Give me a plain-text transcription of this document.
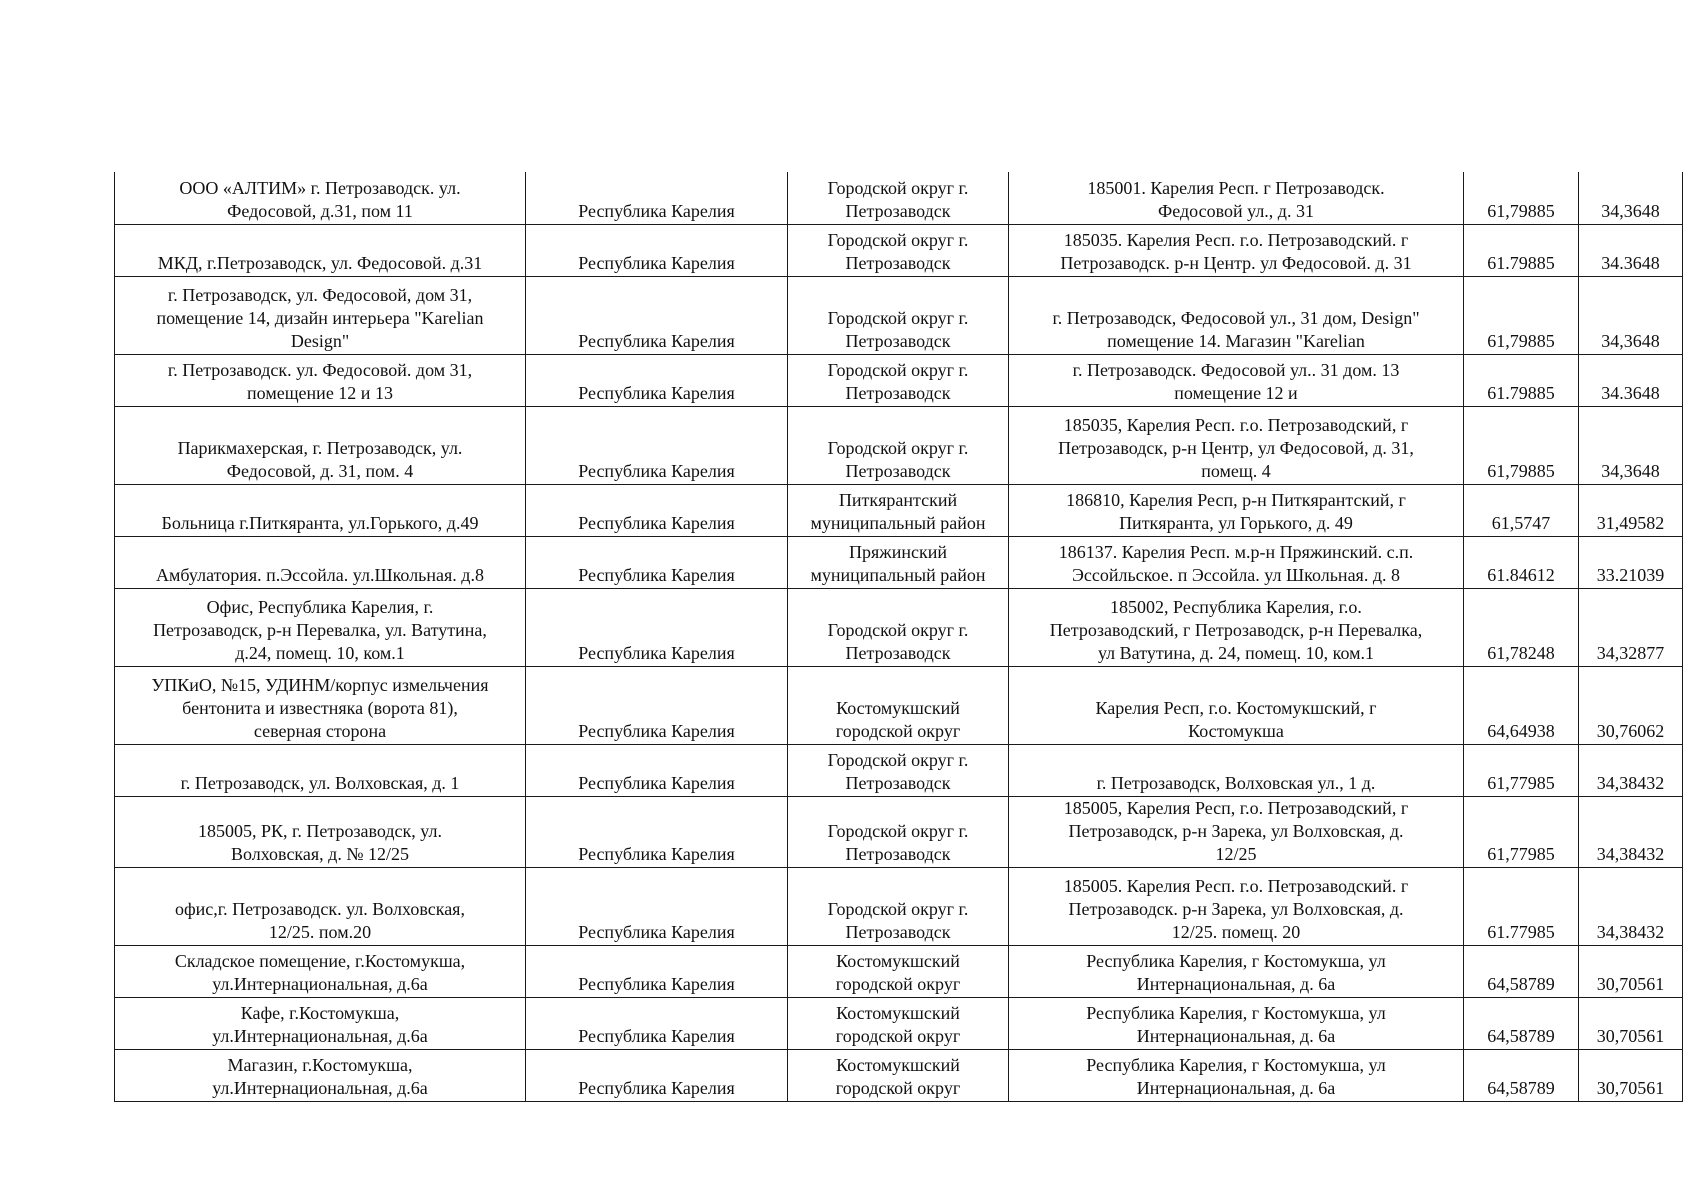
ООО «АЛТИМ» г. Петрозаводск. ул.
Федосовой, д.31, пом 11	Республика Карелия	Городской округ г.
Петрозаводск	185001. Карелия Респ. г Петрозаводск.
Федосовой ул., д. 31	61,79885	34,3648
МКД, г.Петрозаводск, ул. Федосовой. д.31	Республика Карелия	Городской округ г.
Петрозаводск	185035. Карелия Респ. г.о. Петрозаводский. г
Петрозаводск. р-н Центр. ул Федосовой. д. 31	61.79885	34.3648
г. Петрозаводск, ул. Федосовой, дом 31,
помещение 14, дизайн интерьера "Karelian
Design"	Республика Карелия	Городской округ г.
Петрозаводск	г. Петрозаводск, Федосовой ул., 31 дом, Design"
помещение 14. Магазин "Karelian	61,79885	34,3648
г. Петрозаводск. ул. Федосовой. дом 31,
помещение 12 и 13	Республика Карелия	Городской округ г.
Петрозаводск	г. Петрозаводск. Федосовой ул.. 31 дом. 13
помещение 12 и	61.79885	34.3648
Парикмахерская, г. Петрозаводск, ул.
Федосовой, д. 31, пом. 4	Республика Карелия	Городской округ г.
Петрозаводск	185035, Карелия Респ. г.о. Петрозаводский, г
Петрозаводск, р-н Центр, ул Федосовой, д. 31,
помещ. 4	61,79885	34,3648
Больница г.Питкяранта, ул.Горького, д.49	Республика Карелия	Питкярантский
муниципальный район	186810, Карелия Респ, р-н Питкярантский, г
Питкяранта, ул Горького, д. 49	61,5747	31,49582
Амбулатория. п.Эссойла. ул.Школьная. д.8	Республика Карелия	Пряжинский
муниципальный район	186137. Карелия Респ. м.р-н Пряжинский. с.п.
Эссойльское. п Эссойла. ул Школьная. д. 8	61.84612	33.21039
Офис, Республика Карелия, г.
Петрозаводск, р-н Перевалка, ул. Ватутина,
д.24, помещ. 10, ком.1	Республика Карелия	Городской округ г.
Петрозаводск	185002, Республика Карелия, г.о.
Петрозаводский, г Петрозаводск, р-н Перевалка,
ул Ватутина, д. 24, помещ. 10, ком.1	61,78248	34,32877
УПКиО, №15, УДИНМ/корпус измельчения
бентонита и известняка (ворота 81),
северная сторона	Республика Карелия	Костомукшский
городской округ	Карелия Респ, г.о. Костомукшский, г
Костомукша	64,64938	30,76062
г. Петрозаводск, ул. Волховская, д. 1	Республика Карелия	Городской округ г.
Петрозаводск	г. Петрозаводск, Волховская ул., 1 д.	61,77985	34,38432
185005, РК, г. Петрозаводск, ул.
Волховская, д. № 12/25	Республика Карелия	Городской округ г.
Петрозаводск	185005, Карелия Респ, г.о. Петрозаводский, г
Петрозаводск, р-н Зарека, ул Волховская, д.
12/25	61,77985	34,38432
офис,г. Петрозаводск. ул. Волховская,
12/25. пом.20	Республика Карелия	Городской округ г.
Петрозаводск	185005. Карелия Респ. г.о. Петрозаводский. г
Петрозаводск. р-н Зарека, ул Волховская, д.
12/25. помещ. 20	61.77985	34,38432
Складское помещение, г.Костомукша,
ул.Интернациональная, д.6а	Республика Карелия	Костомукшский
городской округ	Республика Карелия, г Костомукша, ул
Интернациональная, д. 6а	64,58789	30,70561
Кафе, г.Костомукша,
ул.Интернациональная, д.6а	Республика Карелия	Костомукшский
городской округ	Республика Карелия, г Костомукша, ул
Интернациональная, д. 6а	64,58789	30,70561
Магазин, г.Костомукша,
ул.Интернациональная, д.6а	Республика Карелия	Костомукшский
городской округ	Республика Карелия, г Костомукша, ул
Интернациональная, д. 6а	64,58789	30,70561
